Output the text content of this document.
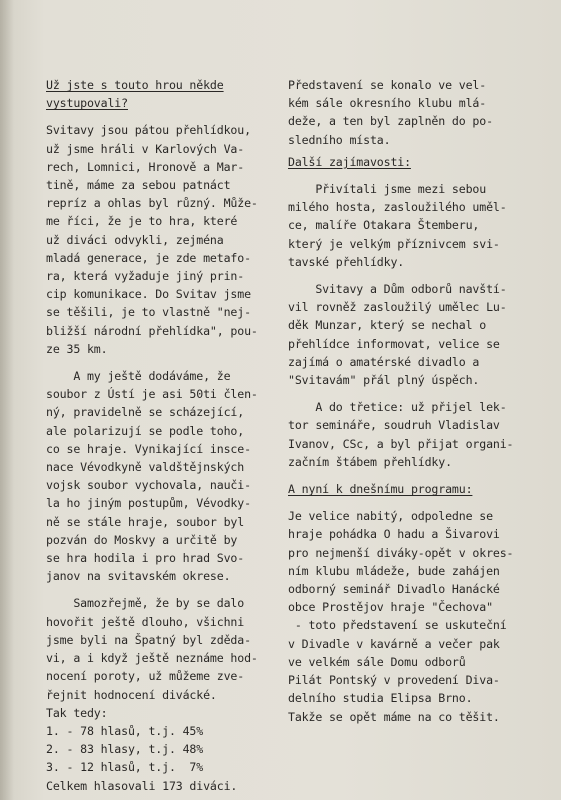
Už jste s touto hrou někde
vystupovali?
Svitavy jsou pátou přehlídkou,
už jsme hráli v Karlových Va-
rech, Lomnici, Hronově a Mar-
tině, máme za sebou patnáct
repríz a ohlas byl různý. Může-
me říci, že je to hra, které
už diváci odvykli, zejména
mladá generace, je zde metafo-
ra, která vyžaduje jiný prin-
cip komunikace. Do Svitav jsme
se těšili, je to vlastně "nej-
bližší národní přehlídka", pou-
ze 35 km.
A my ještě dodáváme, že
soubor z Ústí je asi 50ti člen-
ný, pravidelně se scházející,
ale polarizují se podle toho,
co se hraje. Vynikající insce-
nace Vévodkyně valdštějnských
vojsk soubor vychovala, nauči-
la ho jiným postupům, Vévodky-
ně se stále hraje, soubor byl
pozván do Moskvy a určitě by
se hra hodila i pro hrad Svo-
janov na svitavském okrese.
Samozřejmě, že by se dalo
hovořit ještě dlouho, všichni
jsme byli na Špatný byl zděda-
vi, a i když ještě neznáme hod-
nocení poroty, už můžeme zve-
řejnit hodnocení divácké.
Tak tedy:
1. - 78 hlasů, t.j. 45%
2. - 83 hlasy, t.j. 48%
3. - 12 hlasů, t.j.  7%
Celkem hlasovali 173 diváci.
Představení se konalo ve vel-
kém sále okresního klubu mlá-
deže, a ten byl zaplněn do po-
sledního místa.
Další zajímavosti:
Přivítali jsme mezi sebou
milého hosta, zasloužilého uměl-
ce, malíře Otakara Štemberu,
který je velkým příznivcem svi-
tavské přehlídky.
Svitavy a Dům odborů navští-
vil rovněž zasloužilý umělec Lu-
děk Munzar, který se nechal o
přehlídce informovat, velice se
zajímá o amatérské divadlo a
"Svitavám" přál plný úspěch.
A do třetice: už přijel lek-
tor semináře, soudruh Vladislav
Ivanov, CSc, a byl přijat organi-
začním štábem přehlídky.
A nyní k dnešnímu programu:
Je velice nabitý, odpoledne se
hraje pohádka O hadu a Šivarovi
pro nejmenší diváky-opět v okres-
ním klubu mládeže, bude zahájen
odborný seminář Divadlo Hanácké
obce Prostějov hraje "Čechova"
- toto představení se uskuteční
v Divadle v kavárně a večer pak
ve velkém sále Domu odborů
Pilát Pontský v provedení Diva-
delního studia Elipsa Brno.
Takže se opět máme na co těšit.
